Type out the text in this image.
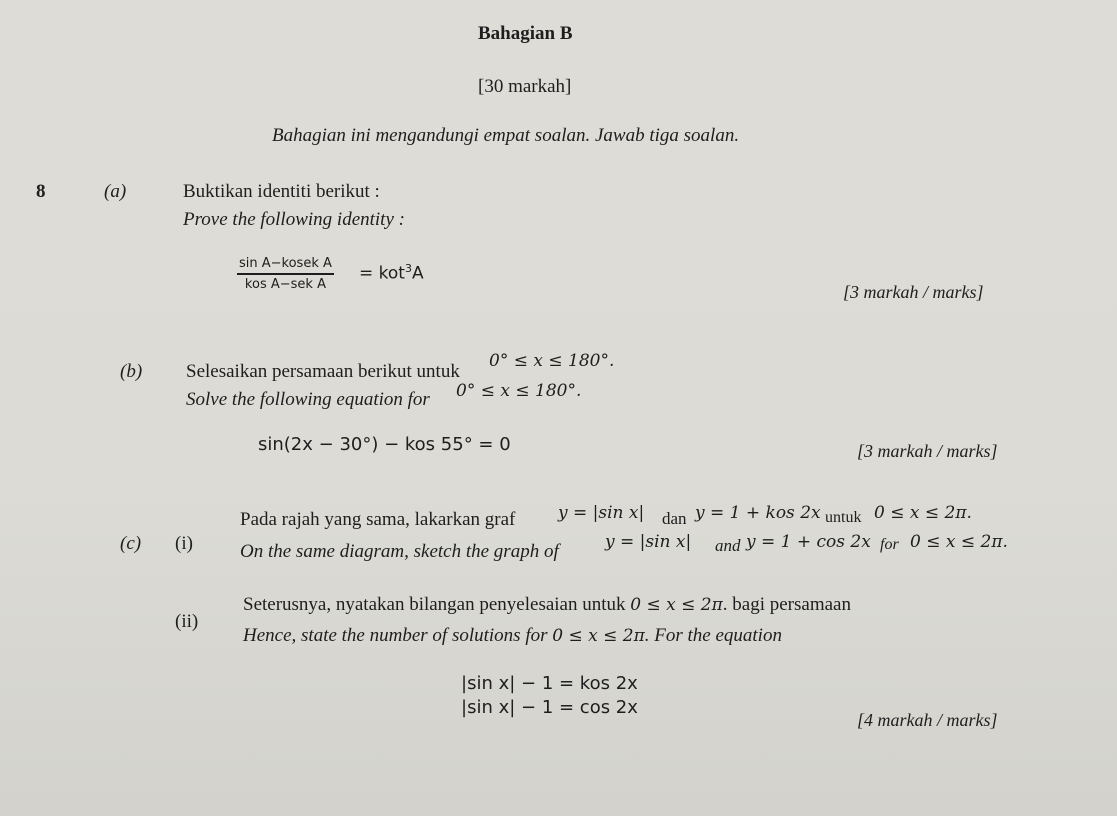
Bahagian B
[30 markah]
Bahagian ini mengandungi empat soalan. Jawab tiga soalan.
8	(a)	Buktikan identiti berikut :
Prove the following identity :
sin A−kosek A
kos A−sek A
= kot$^3$A
[3 markah / marks]
(b) Selesaikan persamaan berikut untuk 0° ≤ x ≤ 180°.
Solve the following equation for 0° ≤ x ≤ 180°.
sin(2x − 30°) − kos 55° = 0	[3 markah / marks]
(c) (i)
Pada rajah yang sama, lakarkan graf	y = |sin x| dan y = 1 + kos 2x untuk 0 ≤ x ≤ 2π.
On the same diagram, sketch the graph of	y = |sin x| and y = 1 + cos 2x for 0 ≤ x ≤ 2π.
(ii)
Seterusnya, nyatakan bilangan penyelesaian untuk 0 ≤ x ≤ 2π. bagi persamaan
Hence, state the number of solutions for 0 ≤ x ≤ 2π. For the equation
|sin x| − 1 = kos 2x
|sin x| − 1 = cos 2x
[4 markah / marks]
